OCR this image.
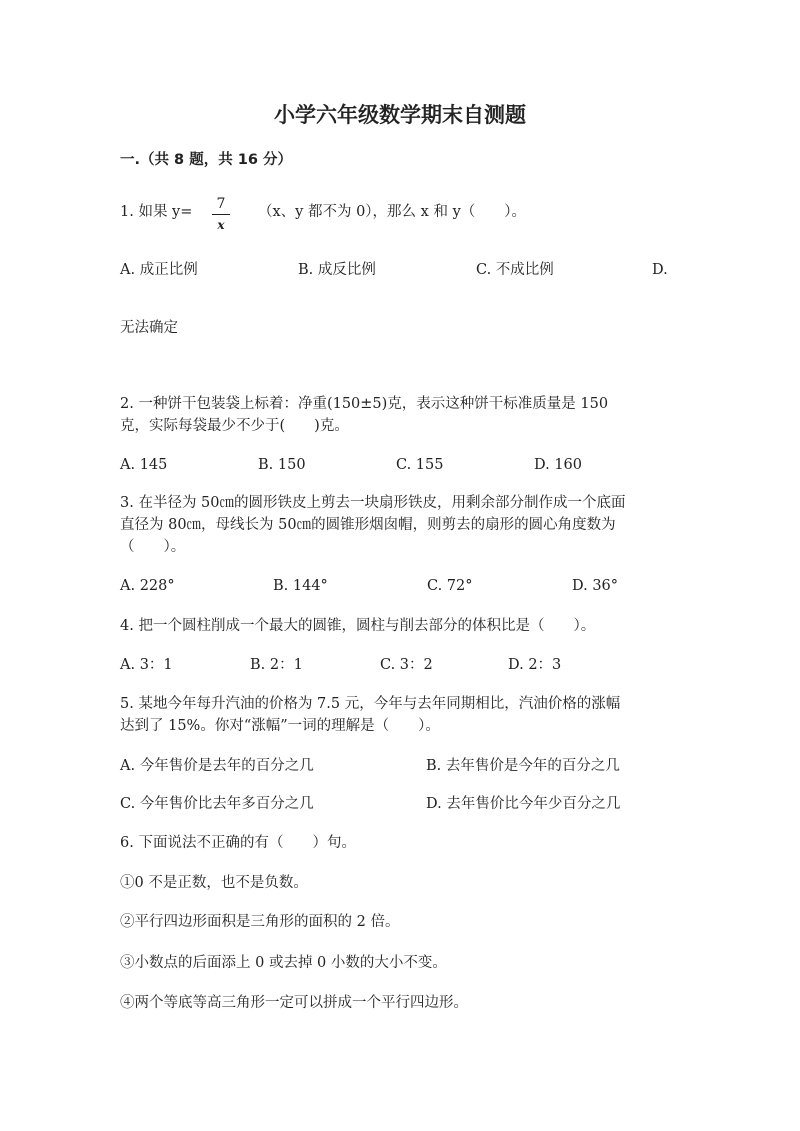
小学六年级数学期末自测题
一.（共 8 题，共 16 分）
1. 如果 y=	7
x
（x、y 都不为 0），那么 x 和 y（　　）。
A. 成正比例	B. 成反比例	C. 不成比例	D.
无法确定
2. 一种饼干包装袋上标着：净重(150±5)克，表示这种饼干标准质量是 150
克，实际每袋最少不少于(　　)克。
A. 145	B. 150	C. 155	D. 160
3. 在半径为 50㎝的圆形铁皮上剪去一块扇形铁皮，用剩余部分制作成一个底面
直径为 80㎝，母线长为 50㎝的圆锥形烟囱帽，则剪去的扇形的圆心角度数为
（　　）。
A. 228°	B. 144°	C. 72°	D. 36°
4. 把一个圆柱削成一个最大的圆锥，圆柱与削去部分的体积比是（　　）。
A. 3：1	B. 2：1	C. 3：2	D. 2：3
5. 某地今年每升汽油的价格为 7.5 元，今年与去年同期相比，汽油价格的涨幅
达到了 15%。你对“涨幅”一词的理解是（　　）。
A. 今年售价是去年的百分之几	B. 去年售价是今年的百分之几
C. 今年售价比去年多百分之几	D. 去年售价比今年少百分之几
6. 下面说法不正确的有（　　）句。
①0 不是正数，也不是负数。
②平行四边形面积是三角形的面积的 2 倍。
③小数点的后面添上 0 或去掉 0 小数的大小不变。
④两个等底等高三角形一定可以拼成一个平行四边形。
